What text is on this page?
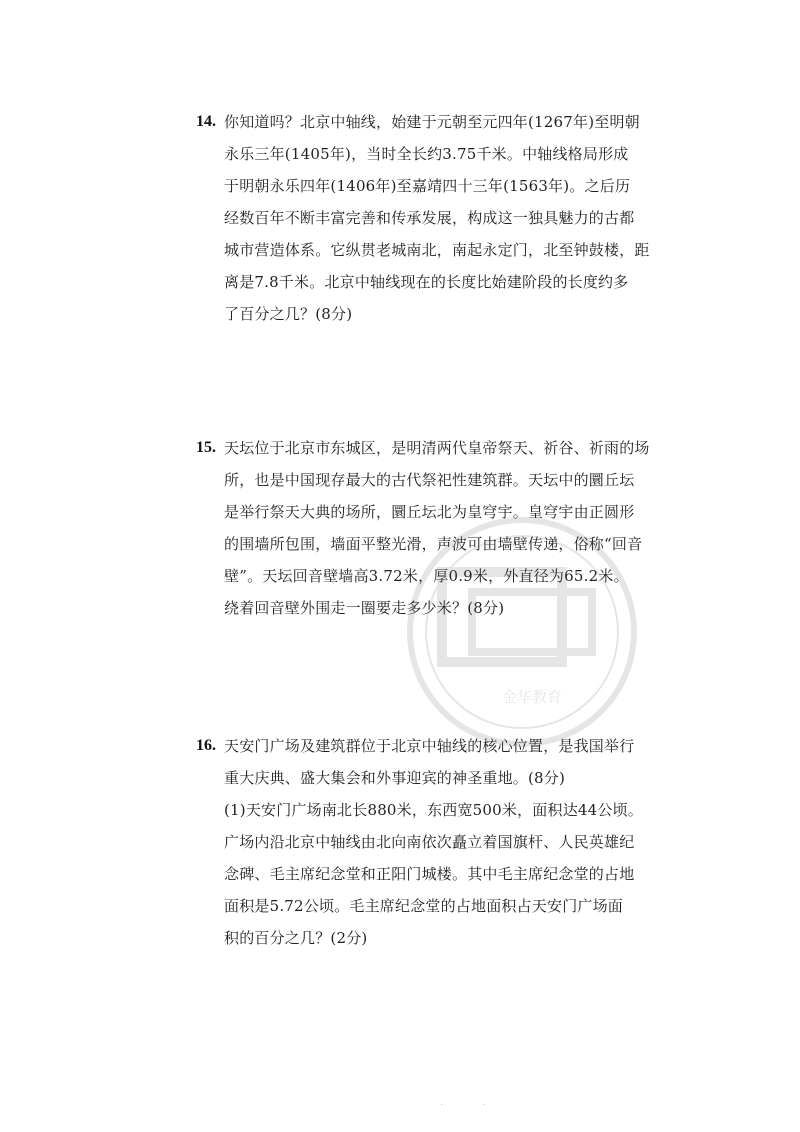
14. 你知道吗？北京中轴线，始建于元朝至元四年(1267年)至明朝
永乐三年(1405年)，当时全长约3.75千米。中轴线格局形成
于明朝永乐四年(1406年)至嘉靖四十三年(1563年)。之后历
经数百年不断丰富完善和传承发展，构成这一独具魅力的古都
城市营造体系。它纵贯老城南北，南起永定门，北至钟鼓楼，距
离是7.8千米。北京中轴线现在的长度比始建阶段的长度约多
了百分之几？(8分)
15. 天坛位于北京市东城区，是明清两代皇帝祭天、祈谷、祈雨的场
所，也是中国现存最大的古代祭祀性建筑群。天坛中的圜丘坛
是举行祭天大典的场所，圜丘坛北为皇穹宇。皇穹宇由正圆形
的围墙所包围，墙面平整光滑，声波可由墙壁传递，俗称“回音
壁”。天坛回音壁墙高3.72米，厚0.9米，外直径为65.2米。
绕着回音壁外围走一圈要走多少米？(8分)
16. 天安门广场及建筑群位于北京中轴线的核心位置，是我国举行
重大庆典、盛大集会和外事迎宾的神圣重地。(8分)
(1)天安门广场南北长880米，东西宽500米，面积达44公顷。
广场内沿北京中轴线由北向南依次矗立着国旗杆、人民英雄纪
念碑、毛主席纪念堂和正阳门城楼。其中毛主席纪念堂的占地
面积是5.72公顷。毛主席纪念堂的占地面积占天安门广场面
积的百分之几？(2分)
金华教育
· ·
